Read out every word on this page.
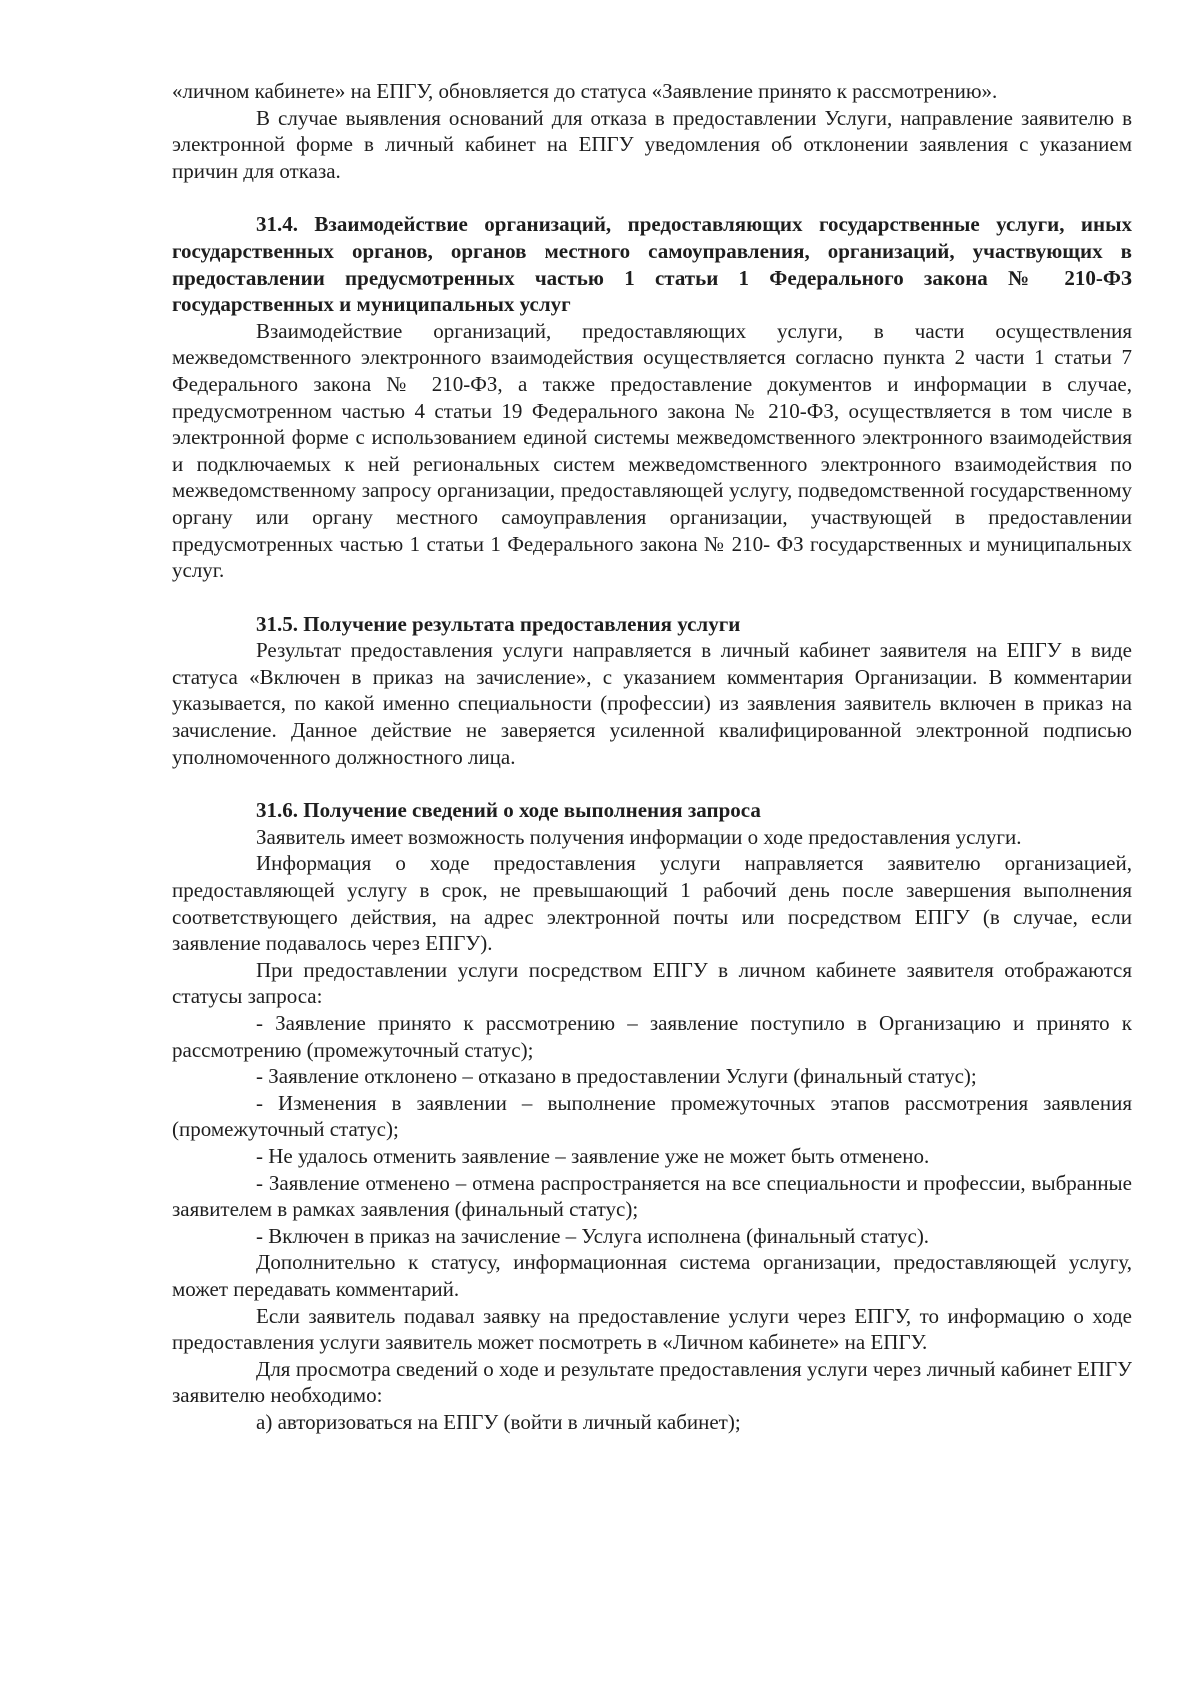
«личном кабинете» на ЕПГУ, обновляется до статуса «Заявление принято к рассмотрению».

В случае выявления оснований для отказа в предоставлении Услуги, направление заявителю в электронной форме в личный кабинет на ЕПГУ уведомления об отклонении заявления с указанием причин для отказа.

31.4. Взаимодействие организаций, предоставляющих государственные услуги, иных государственных органов, органов местного самоуправления, организаций, участвующих в предоставлении предусмотренных частью 1 статьи 1 Федерального закона № 210-ФЗ государственных и муниципальных услуг

Взаимодействие организаций, предоставляющих услуги, в части осуществления межведомственного электронного взаимодействия осуществляется согласно пункта 2 части 1 статьи 7 Федерального закона № 210-ФЗ, а также предоставление документов и информации в случае, предусмотренном частью 4 статьи 19 Федерального закона № 210-ФЗ, осуществляется в том числе в электронной форме с использованием единой системы межведомственного электронного взаимодействия и подключаемых к ней региональных систем межведомственного электронного взаимодействия по межведомственному запросу организации, предоставляющей услугу, подведомственной государственному органу или органу местного самоуправления организации, участвующей в предоставлении предусмотренных частью 1 статьи 1 Федерального закона № 210- ФЗ государственных и муниципальных услуг.

31.5. Получение результата предоставления услуги

Результат предоставления услуги направляется в личный кабинет заявителя на ЕПГУ в виде статуса «Включен в приказ на зачисление», с указанием комментария Организации. В комментарии указывается, по какой именно специальности (профессии) из заявления заявитель включен в приказ на зачисление. Данное действие не заверяется усиленной квалифицированной электронной подписью уполномоченного должностного лица.

31.6. Получение сведений о ходе выполнения запроса

Заявитель имеет возможность получения информации о ходе предоставления услуги.

Информация о ходе предоставления услуги направляется заявителю организацией, предоставляющей услугу в срок, не превышающий 1 рабочий день после завершения выполнения соответствующего действия, на адрес электронной почты или посредством ЕПГУ (в случае, если заявление подавалось через ЕПГУ).

При предоставлении услуги посредством ЕПГУ в личном кабинете заявителя отображаются статусы запроса:

- Заявление принято к рассмотрению – заявление поступило в Организацию и принято к рассмотрению (промежуточный статус);

- Заявление отклонено – отказано в предоставлении Услуги (финальный статус);

- Изменения в заявлении – выполнение промежуточных этапов рассмотрения заявления (промежуточный статус);

- Не удалось отменить заявление – заявление уже не может быть отменено.

- Заявление отменено – отмена распространяется на все специальности и профессии, выбранные заявителем в рамках заявления (финальный статус);

- Включен в приказ на зачисление – Услуга исполнена (финальный статус).

Дополнительно к статусу, информационная система организации, предоставляющей услугу, может передавать комментарий.

Если заявитель подавал заявку на предоставление услуги через ЕПГУ, то информацию о ходе предоставления услуги заявитель может посмотреть в «Личном кабинете» на ЕПГУ.

Для просмотра сведений о ходе и результате предоставления услуги через личный кабинет ЕПГУ заявителю необходимо:

а) авторизоваться на ЕПГУ (войти в личный кабинет);
